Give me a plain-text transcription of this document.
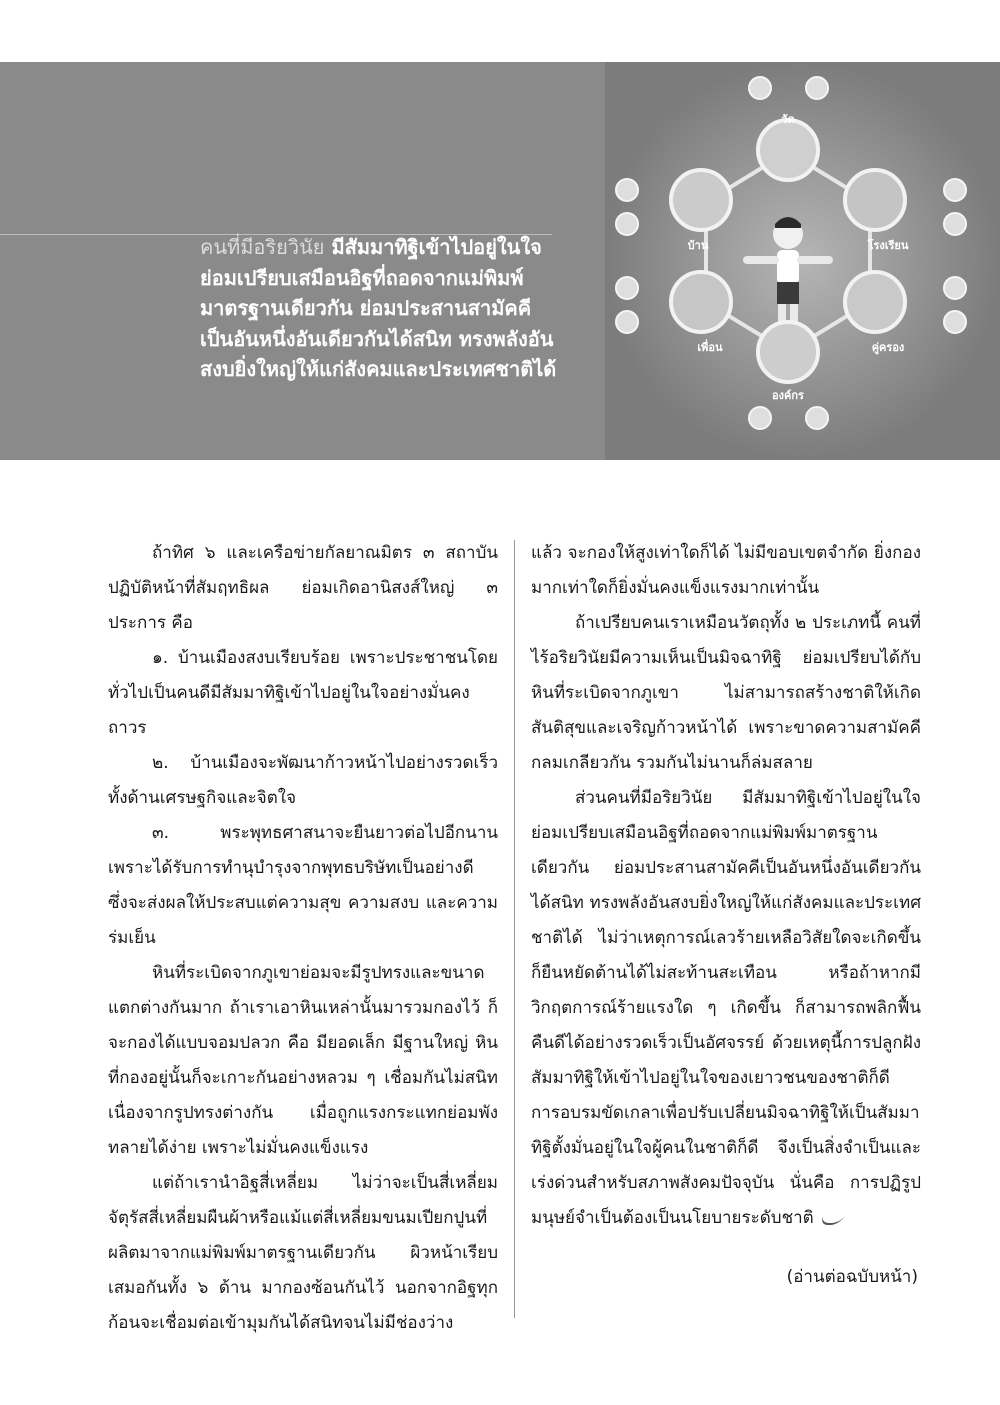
คนที่มีอริยวินัย มีสัมมาทิฐิเข้าไปอยู่ในใจ

ย่อมเปรียบเสมือนอิฐที่ถอดจากแม่พิมพ์

มาตรฐานเดียวกัน ย่อมประสานสามัคคี

เป็นอันหนึ่งอันเดียวกันได้สนิท ทรงพลังอัน

สงบยิ่งใหญ่ให้แก่สังคมและประเทศชาติได้

วัด
โรงเรียน
คู่ครอง
องค์กร
เพื่อน
บ้าน

ถ้าทิศ ๖ และเครือข่ายกัลยาณมิตร ๓ สถาบัน ปฏิบัติหน้าที่สัมฤทธิผล ย่อมเกิดอานิสงส์ใหญ่ ๓ ประการ คือ

๑. บ้านเมืองสงบเรียบร้อย เพราะประชาชนโดยทั่วไปเป็นคนดีมีสัมมาทิฐิเข้าไปอยู่ในใจอย่างมั่นคงถาวร

๒. บ้านเมืองจะพัฒนาก้าวหน้าไปอย่างรวดเร็วทั้งด้านเศรษฐกิจและจิตใจ

๓. พระพุทธศาสนาจะยืนยาวต่อไปอีกนาน เพราะได้รับการทำนุบำรุงจากพุทธบริษัทเป็นอย่างดี ซึ่งจะส่งผลให้ประสบแต่ความสุข ความสงบ และความร่มเย็น

หินที่ระเบิดจากภูเขาย่อมจะมีรูปทรงและขนาดแตกต่างกันมาก ถ้าเราเอาหินเหล่านั้นมารวมกองไว้ ก็จะกองได้แบบจอมปลวก คือ มียอดเล็ก มีฐานใหญ่ หินที่กองอยู่นั้นก็จะเกาะกันอย่างหลวม ๆ เชื่อมกันไม่สนิท เนื่องจากรูปทรงต่างกัน เมื่อถูกแรงกระแทกย่อมพังทลายได้ง่าย เพราะไม่มั่นคงแข็งแรง

แต่ถ้าเรานำอิฐสี่เหลี่ยม ไม่ว่าจะเป็นสี่เหลี่ยมจัตุรัสสี่เหลี่ยมผืนผ้าหรือแม้แต่สี่เหลี่ยมขนมเปียกปูนที่ผลิตมาจากแม่พิมพ์มาตรฐานเดียวกัน ผิวหน้าเรียบเสมอกันทั้ง ๖ ด้าน มากองซ้อนกันไว้ นอกจากอิฐทุกก้อนจะเชื่อมต่อเข้ามุมกันได้สนิทจนไม่มีช่องว่าง

แล้ว จะกองให้สูงเท่าใดก็ได้ ไม่มีขอบเขตจำกัด ยิ่งกองมากเท่าใดก็ยิ่งมั่นคงแข็งแรงมากเท่านั้น

ถ้าเปรียบคนเราเหมือนวัตถุทั้ง ๒ ประเภทนี้ คนที่ไร้อริยวินัยมีความเห็นเป็นมิจฉาทิฐิ ย่อมเปรียบได้กับหินที่ระเบิดจากภูเขา ไม่สามารถสร้างชาติให้เกิดสันติสุขและเจริญก้าวหน้าได้ เพราะขาดความสามัคคีกลมเกลียวกัน รวมกันไม่นานก็ล่มสลาย

ส่วนคนที่มีอริยวินัย มีสัมมาทิฐิเข้าไปอยู่ในใจ ย่อมเปรียบเสมือนอิฐที่ถอดจากแม่พิมพ์มาตรฐานเดียวกัน ย่อมประสานสามัคคีเป็นอันหนึ่งอันเดียวกันได้สนิท ทรงพลังอันสงบยิ่งใหญ่ให้แก่สังคมและประเทศชาติได้ ไม่ว่าเหตุการณ์เลวร้ายเหลือวิสัยใดจะเกิดขึ้น ก็ยืนหยัดต้านได้ไม่สะท้านสะเทือน หรือถ้าหากมีวิกฤตการณ์ร้ายแรงใด ๆ เกิดขึ้น ก็สามารถพลิกฟื้นคืนดีได้อย่างรวดเร็วเป็นอัศจรรย์ ด้วยเหตุนี้การปลูกฝังสัมมาทิฐิให้เข้าไปอยู่ในใจของเยาวชนของชาติก็ดี การอบรมขัดเกลาเพื่อปรับเปลี่ยนมิจฉาทิฐิให้เป็นสัมมาทิฐิตั้งมั่นอยู่ในใจผู้คนในชาติก็ดี จึงเป็นสิ่งจำเป็นและเร่งด่วนสำหรับสภาพสังคมปัจจุบัน นั่นคือ การปฏิรูปมนุษย์จำเป็นต้องเป็นนโยบายระดับชาติ

(อ่านต่อฉบับหน้า)
